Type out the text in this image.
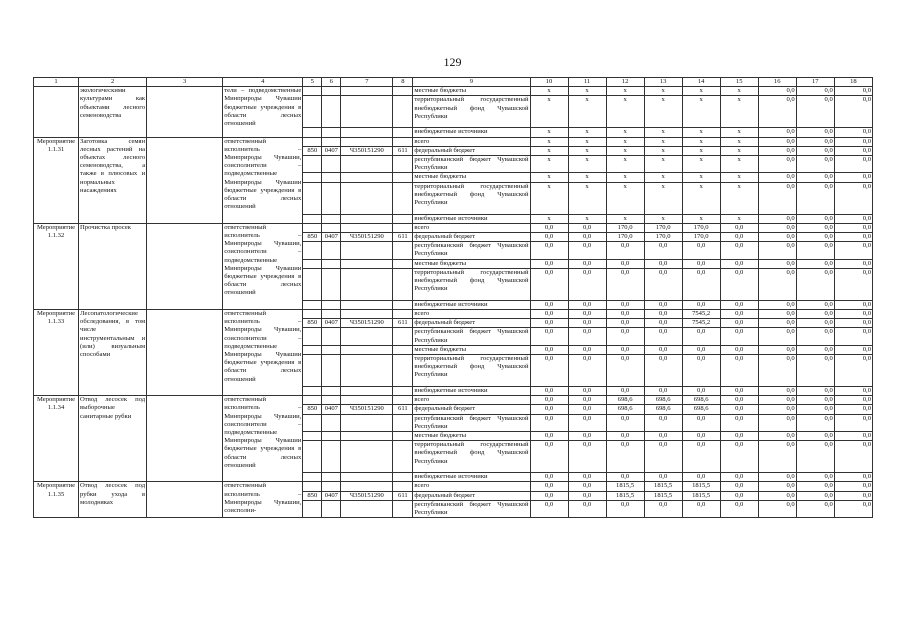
129
1	2	3	4	5	6	7	8	9	10	11	12	13	14	15	16	17	18
	экологическими культурами как объектами лесного семеноводства		тели – подведомственные Минприроды Чувашии бюджетные учреждения в области лесных отношений					местные бюджеты	x	x	x	x	x	x	0,0	0,0	0,0
								территориальный государственный внебюджетный фонд Чувашской Республики	x	x	x	x	x	x	0,0	0,0	0,0
								внебюджетные источники	x	x	x	x	x	x	0,0	0,0	0,0
Мероприятие 1.1.31	Заготовка семян лесных растений на объектах лесного семеноводства, а также в плюсовых и нормальных насаждениях		ответственный исполнитель – Минприроды Чувашии, соисполнители – подведомственные Минприроды Чувашии бюджетные учреждения в области лесных отношений					всего	x	x	x	x	x	x	0,0	0,0	0,0
				850	0407	Ч350151290	611	федеральный бюджет	x	x	x	x	x	x	0,0	0,0	0,0
								республиканский бюджет Чувашской Республики	x	x	x	x	x	x	0,0	0,0	0,0
								местные бюджеты	x	x	x	x	x	x	0,0	0,0	0,0
								территориальный государственный внебюджетный фонд Чувашской Республики	x	x	x	x	x	x	0,0	0,0	0,0
								внебюджетные источники	x	x	x	x	x	x	0,0	0,0	0,0
Мероприятие 1.1.32	Прочистка просек		ответственный исполнитель – Минприроды Чувашии, соисполнители – подведомственные Минприроды Чувашии бюджетные учреждения в области лесных отношений					всего	0,0	0,0	170,0	170,0	170,0	0,0	0,0	0,0	0,0
				850	0407	Ч350151290	611	федеральный бюджет	0,0	0,0	170,0	170,0	170,0	0,0	0,0	0,0	0,0
								республиканский бюджет Чувашской Республики	0,0	0,0	0,0	0,0	0,0	0,0	0,0	0,0	0,0
								местные бюджеты	0,0	0,0	0,0	0,0	0,0	0,0	0,0	0,0	0,0
								территориальный государственный внебюджетный фонд Чувашской Республики	0,0	0,0	0,0	0,0	0,0	0,0	0,0	0,0	0,0
								внебюджетные источники	0,0	0,0	0,0	0,0	0,0	0,0	0,0	0,0	0,0
Мероприятие 1.1.33	Лесопатологические обследования, в том числе инструментальным и (или) визуальным способами		ответственный исполнитель – Минприроды Чувашии, соисполнители – подведомственные Минприроды Чувашии бюджетные учреждения в области лесных отношений					всего	0,0	0,0	0,0	0,0	7545,2	0,0	0,0	0,0	0,0
				850	0407	Ч350151290	611	федеральный бюджет	0,0	0,0	0,0	0,0	7545,2	0,0	0,0	0,0	0,0
								республиканский бюджет Чувашской Республики	0,0	0,0	0,0	0,0	0,0	0,0	0,0	0,0	0,0
								местные бюджеты	0,0	0,0	0,0	0,0	0,0	0,0	0,0	0,0	0,0
								территориальный государственный внебюджетный фонд Чувашской Республики	0,0	0,0	0,0	0,0	0,0	0,0	0,0	0,0	0,0
								внебюджетные источники	0,0	0,0	0,0	0,0	0,0	0,0	0,0	0,0	0,0
Мероприятие 1.1.34	Отвод лесосек под выборочные санитарные рубки		ответственный исполнитель – Минприроды Чувашии, соисполнители – подведомственные Минприроды Чувашии бюджетные учреждения в области лесных отношений					всего	0,0	0,0	698,6	698,6	698,6	0,0	0,0	0,0	0,0
				850	0407	Ч350151290	611	федеральный бюджет	0,0	0,0	698,6	698,6	698,6	0,0	0,0	0,0	0,0
								республиканский бюджет Чувашской Республики	0,0	0,0	0,0	0,0	0,0	0,0	0,0	0,0	0,0
								местные бюджеты	0,0	0,0	0,0	0,0	0,0	0,0	0,0	0,0	0,0
								территориальный государственный внебюджетный фонд Чувашской Республики	0,0	0,0	0,0	0,0	0,0	0,0	0,0	0,0	0,0
								внебюджетные источники	0,0	0,0	0,0	0,0	0,0	0,0	0,0	0,0	0,0
Мероприятие 1.1.35	Отвод лесосек под рубки ухода в молодняках		ответственный исполнитель – Минприроды Чувашии, соисполни-					всего	0,0	0,0	1815,5	1815,5	1815,5	0,0	0,0	0,0	0,0
				850	0407	Ч350151290	611	федеральный бюджет	0,0	0,0	1815,5	1815,5	1815,5	0,0	0,0	0,0	0,0
								республиканский бюджет Чувашской Республики	0,0	0,0	0,0	0,0	0,0	0,0	0,0	0,0	0,0
